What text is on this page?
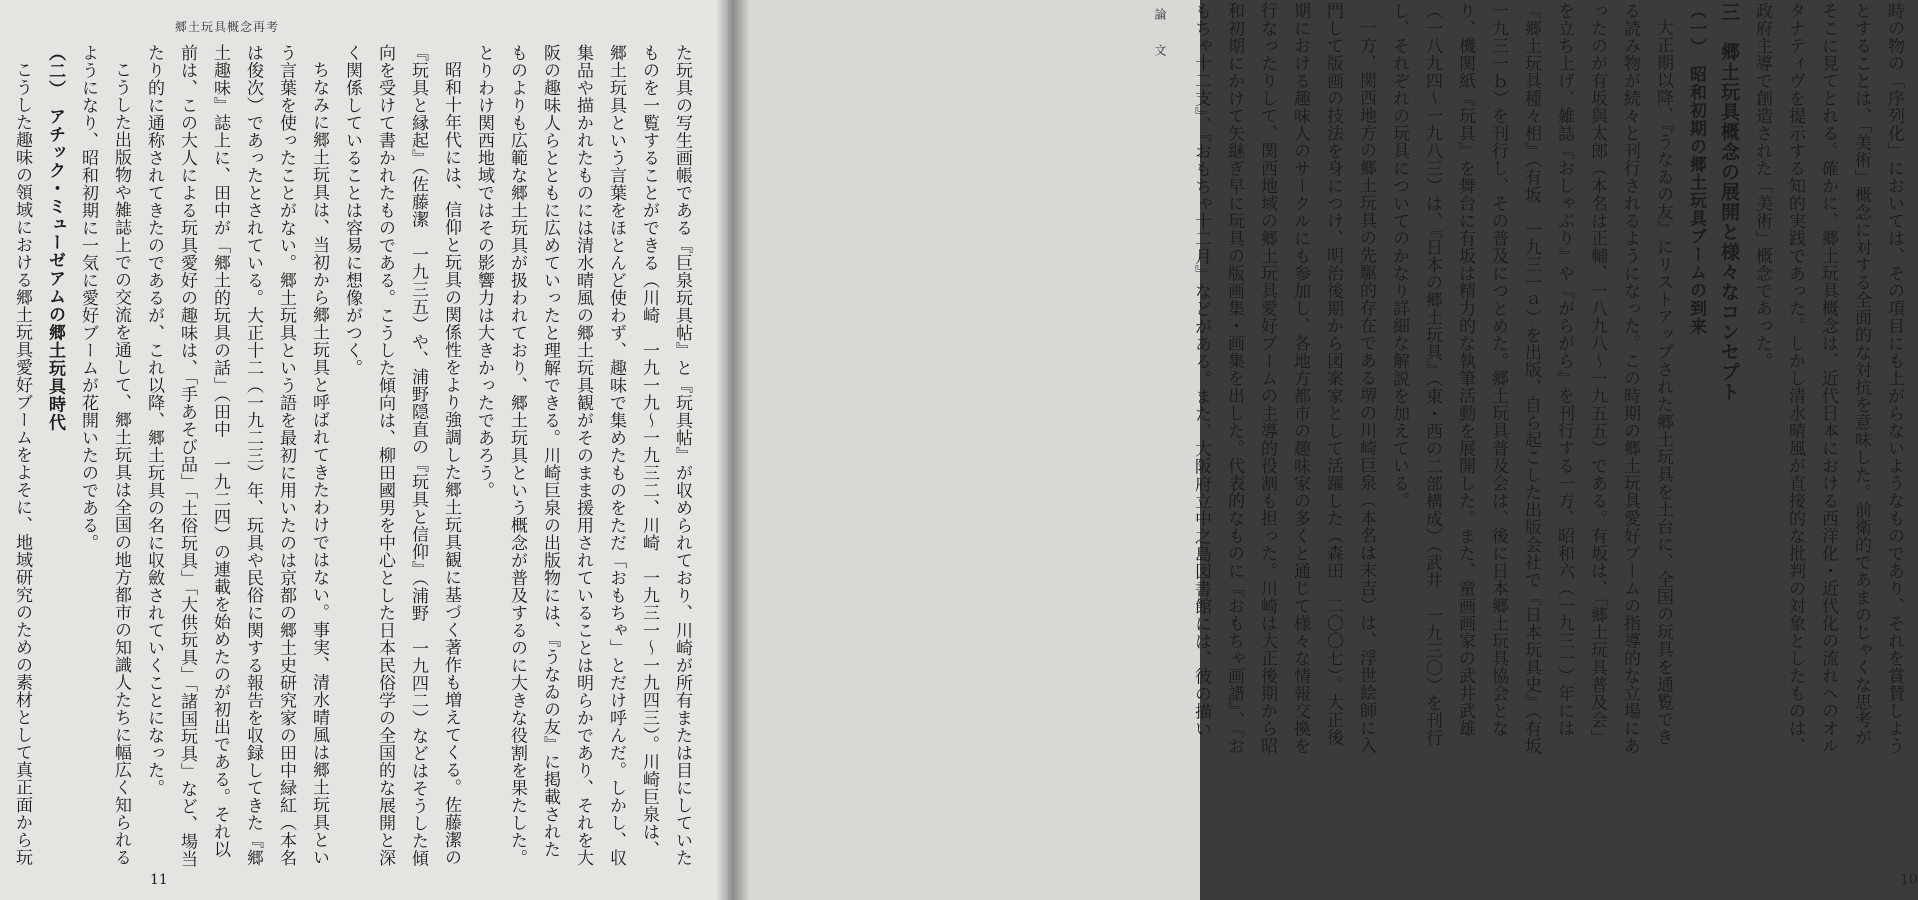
郷土玩具概念再考

た玩具の写生画帳である『巨泉玩具帖』と『玩具帖』が収められており、川崎が所有または目にしていたものを一覧することができる（川崎　一九一九〜一九三二、川崎　一九三一〜一九四三）。川崎巨泉は、郷土玩具という言葉をほとんど使わず、趣味で集めたものをただ「おもちゃ」とだけ呼んだ。しかし、収集品や描かれたものには清水晴風の郷土玩具観がそのまま援用されていることは明らかであり、それを大阪の趣味人らとともに広めていったと理解できる。川崎巨泉の出版物には、『うなゐの友』に掲載されたものよりも広範な郷土玩具が扱われており、郷土玩具という概念が普及するのに大きな役割を果たした。とりわけ関西地域ではその影響力は大きかったであろう。

昭和十年代には、信仰と玩具の関係性をより強調した郷土玩具観に基づく著作も増えてくる。佐藤潔の『玩具と縁起』（佐藤潔　一九三五）や、浦野隠直の『玩具と信仰』（浦野　一九四二）などはそうした傾向を受けて書かれたものである。こうした傾向は、柳田國男を中心とした日本民俗学の全国的な展開と深く関係していることは容易に想像がつく。

ちなみに郷土玩具は、当初から郷土玩具と呼ばれてきたわけではない。事実、清水晴風は郷土玩具という言葉を使ったことがない。郷土玩具という語を最初に用いたのは京都の郷土史研究家の田中緑紅（本名は俊次）であったとされている。大正十二（一九二三）年、玩具や民俗に関する報告を収録してきた『郷土趣味』誌上に、田中が「郷土的玩具の話」（田中　一九二四）の連載を始めたのが初出である。それ以前は、この大人による玩具愛好の趣味は、「手あそび品」「土俗玩具」「大供玩具」「諸国玩具」など、場当たり的に通称されてきたのであるが、これ以降、郷土玩具の名に収斂されていくことになった。

こうした出版物や雑誌上での交流を通して、郷土玩具は全国の地方都市の知識人たちに幅広く知られるようになり、昭和初期に一気に愛好ブームが花開いたのである。

（二）　アチック・ミューゼアムの郷土玩具時代

こうした趣味の領域における郷土玩具愛好ブームをよそに、地域研究のための素材として真正面から玩

11

時の物の「序列化」においては、その項目にも上がらないようなものであり、それを賞賛しようとすることは、「美術」概念に対する全面的な対抗を意味した。前衛的であまのじゃくな思考がそこに見てとれる。確かに、郷土玩具概念は、近代日本における西洋化・近代化の流れへのオルタナティヴを提示する知的実践であった。しかし清水晴風が直接的な批判の対象としたものは、政府主導で創造された「美術」概念であった。

三　郷土玩具概念の展開と様々なコンセプト
（一）　昭和初期の郷土玩具ブームの到来

大正期以降、『うなゐの友』にリストアップされた郷土玩具を土台に、全国の玩具を通覧できる読み物が続々と刊行されるようになった。この時期の郷土玩具愛好ブームの指導的な立場にあったのが有坂與太郎（本名は正輔、一八九八〜一九五五）である。有坂は、「郷土玩具普及会」を立ち上げ、雑誌『おしゃぶり』や『がらがら』を刊行する一方、昭和六（一九三一）年には『郷土玩具種々相』（有坂　一九三一ａ）を出版、自ら起こした出版会社で『日本玩具史』（有坂　一九三一ｂ）を刊行し、その普及につとめた。郷土玩具普及会は、後に日本郷土玩具協会となり、機関紙『玩具』を舞台に有坂は精力的な執筆活動を展開した。また、童画画家の武井武雄（一八九四〜一九八三）は、『日本の郷土玩具』（東・西の二部構成）（武井　一九三〇）を刊行し、それぞれの玩具についてのかなり詳細な解説を加えている。

一方、関西地方の郷土玩具の先駆的存在である堺の川崎巨泉（本名は末吉）は、浮世絵師に入門して版画の技法を身につけ、明治後期から図案家として活躍した（森田　二〇〇七）。大正後期における趣味人のサークルにも参加し、各地方都市の趣味家の多くと通じて様々な情報交換を行なったりして、関西地域の郷土玩具愛好ブームの主導的役割も担った。川崎は大正後期から昭和初期にかけて矢継ぎ早に玩具の版画集・画集を出した。代表的なものに『おもちゃ画譜』、『おもちゃ十二支』、『おもちゃ十二月』などがある。また、大阪府立中之島図書館には、彼の描い

10
論　文
